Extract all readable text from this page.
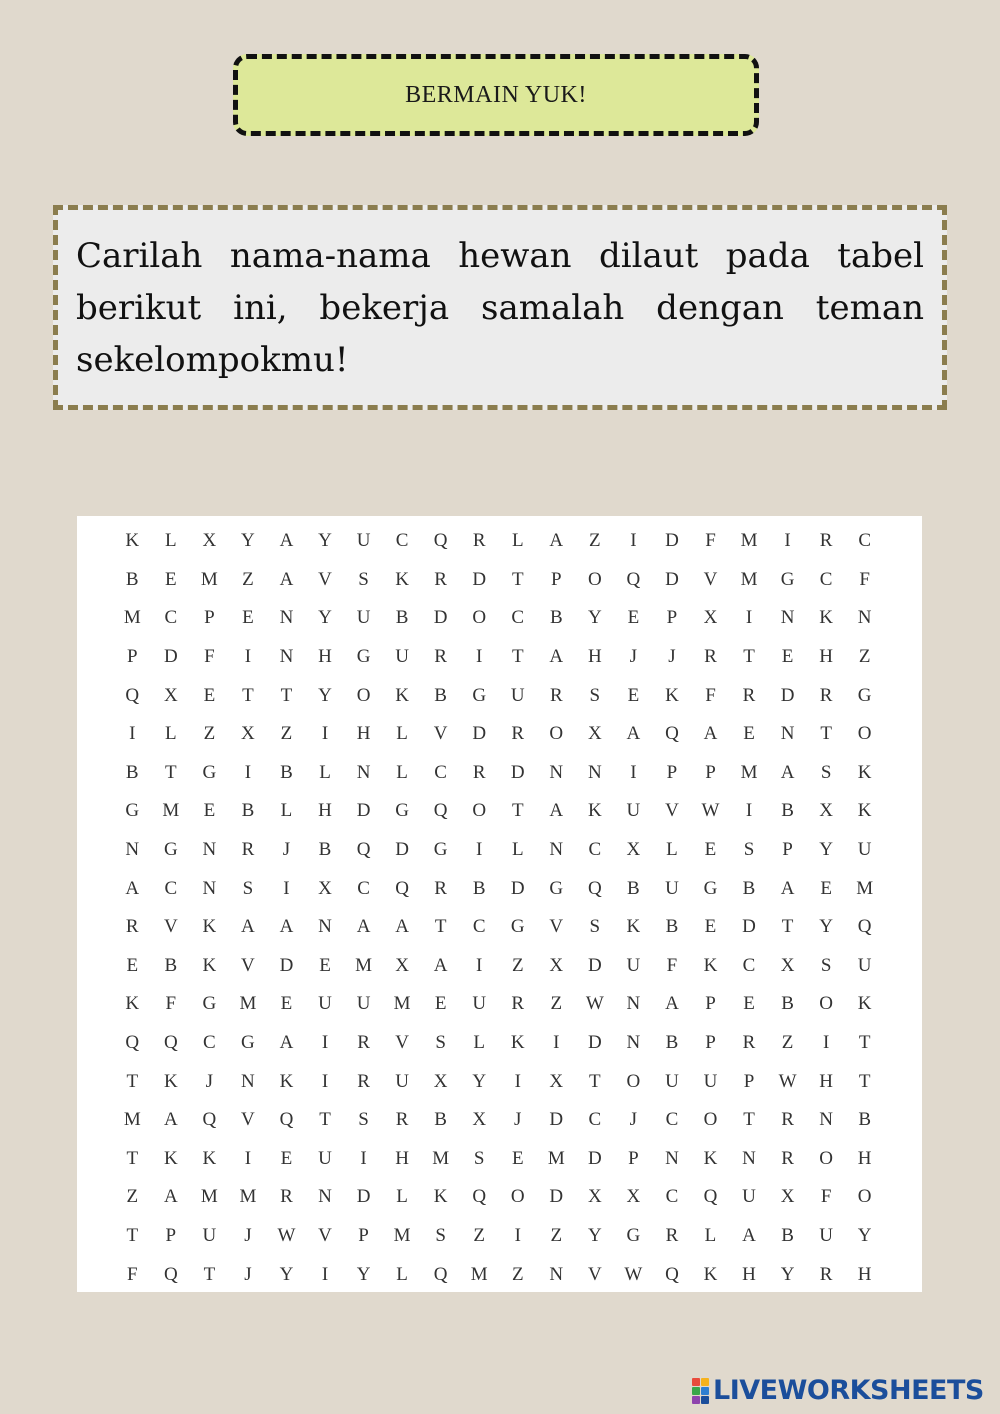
BERMAIN YUK!

Carilah nama-nama hewan dilaut pada tabel berikut ini, bekerja samalah dengan teman sekelompokmu!

K	L	X	Y	A	Y	U	C	Q	R	L	A	Z	I	D	F	M	I	R	C
B	E	M	Z	A	V	S	K	R	D	T	P	O	Q	D	V	M	G	C	F
M	C	P	E	N	Y	U	B	D	O	C	B	Y	E	P	X	I	N	K	N
P	D	F	I	N	H	G	U	R	I	T	A	H	J	J	R	T	E	H	Z
Q	X	E	T	T	Y	O	K	B	G	U	R	S	E	K	F	R	D	R	G
I	L	Z	X	Z	I	H	L	V	D	R	O	X	A	Q	A	E	N	T	O
B	T	G	I	B	L	N	L	C	R	D	N	N	I	P	P	M	A	S	K
G	M	E	B	L	H	D	G	Q	O	T	A	K	U	V	W	I	B	X	K
N	G	N	R	J	B	Q	D	G	I	L	N	C	X	L	E	S	P	Y	U
A	C	N	S	I	X	C	Q	R	B	D	G	Q	B	U	G	B	A	E	M
R	V	K	A	A	N	A	A	T	C	G	V	S	K	B	E	D	T	Y	Q
E	B	K	V	D	E	M	X	A	I	Z	X	D	U	F	K	C	X	S	U
K	F	G	M	E	U	U	M	E	U	R	Z	W	N	A	P	E	B	O	K
Q	Q	C	G	A	I	R	V	S	L	K	I	D	N	B	P	R	Z	I	T
T	K	J	N	K	I	R	U	X	Y	I	X	T	O	U	U	P	W	H	T
M	A	Q	V	Q	T	S	R	B	X	J	D	C	J	C	O	T	R	N	B
T	K	K	I	E	U	I	H	M	S	E	M	D	P	N	K	N	R	O	H
Z	A	M	M	R	N	D	L	K	Q	O	D	X	X	C	Q	U	X	F	O
T	P	U	J	W	V	P	M	S	Z	I	Z	Y	G	R	L	A	B	U	Y
F	Q	T	J	Y	I	Y	L	Q	M	Z	N	V	W	Q	K	H	Y	R	H
LIVEWORKSHEETS
